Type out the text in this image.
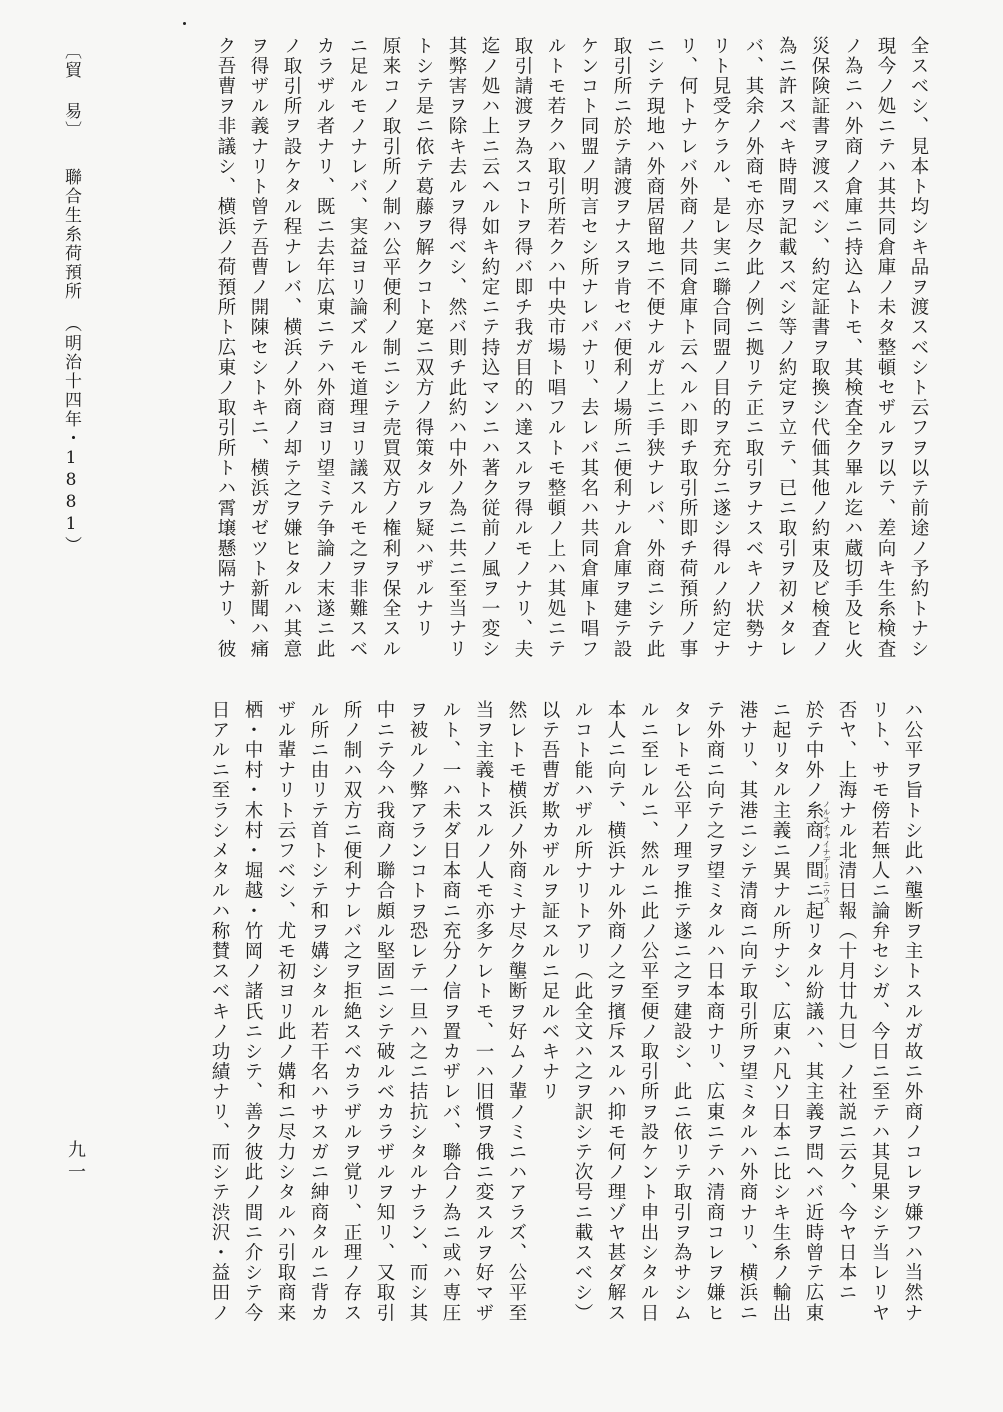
全スベシ、見本ト均シキ品ヲ渡スベシト云フヲ以テ前途ノ予約トナシ
現今ノ処ニテハ其共同倉庫ノ未タ整頓セザルヲ以テ、差向キ生糸検査
ノ為ニハ外商ノ倉庫ニ持込ムトモ、其検査全ク畢ル迄ハ蔵切手及ヒ火
災保険証書ヲ渡スベシ、約定証書ヲ取換シ代価其他ノ約束及ビ検査ノ
為ニ許スベキ時間ヲ記載スベシ等ノ約定ヲ立テ、已ニ取引ヲ初メタレ
バ、其余ノ外商モ亦尽ク此ノ例ニ拠リテ正ニ取引ヲナスベキノ状勢ナ
リト見受ケラル、是レ実ニ聯合同盟ノ目的ヲ充分ニ遂シ得ルノ約定ナ
リ、何トナレバ外商ノ共同倉庫ト云ヘルハ即チ取引所即チ荷預所ノ事
ニシテ現地ハ外商居留地ニ不便ナルガ上ニ手狭ナレバ、外商ニシテ此
取引所ニ於テ請渡ヲナスヲ肯セバ便利ノ場所ニ便利ナル倉庫ヲ建テ設
ケンコト同盟ノ明言セシ所ナレバナリ、去レバ其名ハ共同倉庫ト唱フ
ルトモ若クハ取引所若クハ中央市場ト唱フルトモ整頓ノ上ハ其処ニテ
取引請渡ヲ為スコトヲ得バ即チ我ガ目的ハ達スルヲ得ルモノナリ、夫
迄ノ処ハ上ニ云ヘル如キ約定ニテ持込マンニハ著ク従前ノ風ヲ一変シ
其弊害ヲ除キ去ルヲ得ベシ、然バ則チ此約ハ中外ノ為ニ共ニ至当ナリ
トシテ是ニ依テ葛藤ヲ解クコト寔ニ双方ノ得策タルヲ疑ハザルナリ
原来コノ取引所ノ制ハ公平便利ノ制ニシテ売買双方ノ権利ヲ保全スル
ニ足ルモノナレバ、実益ヨリ論ズルモ道理ヨリ議スルモ之ヲ非難スベ
カラザル者ナリ、既ニ去年広東ニテハ外商ヨリ望ミテ争論ノ末遂ニ此
ノ取引所ヲ設ケタル程ナレバ、横浜ノ外商ノ却テ之ヲ嫌ヒタルハ其意
ヲ得ザル義ナリト曾テ吾曹ノ開陳セシトキニ、横浜ガゼツト新聞ハ痛
ク吾曹ヲ非議シ、横浜ノ荷預所ト広東ノ取引所トハ霄壌懸隔ナリ、彼
ハ公平ヲ旨トシ此ハ壟断ヲ主トスルガ故ニ外商ノコレヲ嫌フハ当然ナ
リト、サモ傍若無人ニ論弁セシガ、今日ニ至テハ其見果シテ当レリヤ
否ヤ、上海ナル北清日報（十月廿九日）ノ社説ニ云ク、今ヤ日本ニ
於テ中外ノ糸商ノ間ニ起リタル紛議ハ、其主義ヲ問ヘバ近時曾テ広東
ニ起リタル主義ニ異ナル所ナシ、広東ハ凡ソ日本ニ比シキ生糸ノ輸出
港ナリ、其港ニシテ清商ニ向テ取引所ヲ望ミタルハ外商ナリ、横浜ニ
テ外商ニ向テ之ヲ望ミタルハ日本商ナリ、広東ニテハ清商コレヲ嫌ヒ
タレトモ公平ノ理ヲ推テ遂ニ之ヲ建設シ、此ニ依リテ取引ヲ為サシム
ルニ至レルニ、然ルニ此ノ公平至便ノ取引所ヲ設ケント申出シタル日
本人ニ向テ、横浜ナル外商ノ之ヲ擯斥スルハ抑モ何ノ理ゾヤ甚ダ解ス
ルコト能ハザル所ナリトアリ（此全文ハ之ヲ訳シテ次号ニ載スベシ）
以テ吾曹ガ欺カザルヲ証スルニ足ルベキナリ
然レトモ横浜ノ外商ミナ尽ク壟断ヲ好ムノ輩ノミニハアラズ、公平至
当ヲ主義トスルノ人モ亦多ケレトモ、一ハ旧慣ヲ俄ニ変スルヲ好マザ
ルト、一ハ未ダ日本商ニ充分ノ信ヲ置カザレバ、聯合ノ為ニ或ハ専圧
ヲ被ルノ弊アランコトヲ恐レテ一旦ハ之ニ拮抗シタルナラン、而シ其
中ニテ今ハ我商ノ聯合頗ル堅固ニシテ破ルベカラザルヲ知リ、又取引
所ノ制ハ双方ニ便利ナレバ之ヲ拒絶スベカラザルヲ覚リ、正理ノ存ス
ル所ニ由リテ首トシテ和ヲ媾シタル若干名ハサスガニ紳商タルニ背カ
ザル輩ナリト云フベシ、尤モ初ヨリ此ノ媾和ニ尽力シタルハ引取商来
栖・中村・木村・堀越・竹岡ノ諸氏ニシテ、善ク彼此ノ間ニ介シテ今
日アルニ至ラシメタルハ称賛スベキノ功績ナリ、而シテ渋沢・益田ノ	ノルスチャイナデーリニウス
〔貿 易〕聯合生糸荷預所（明治十四年・1881）
九一
